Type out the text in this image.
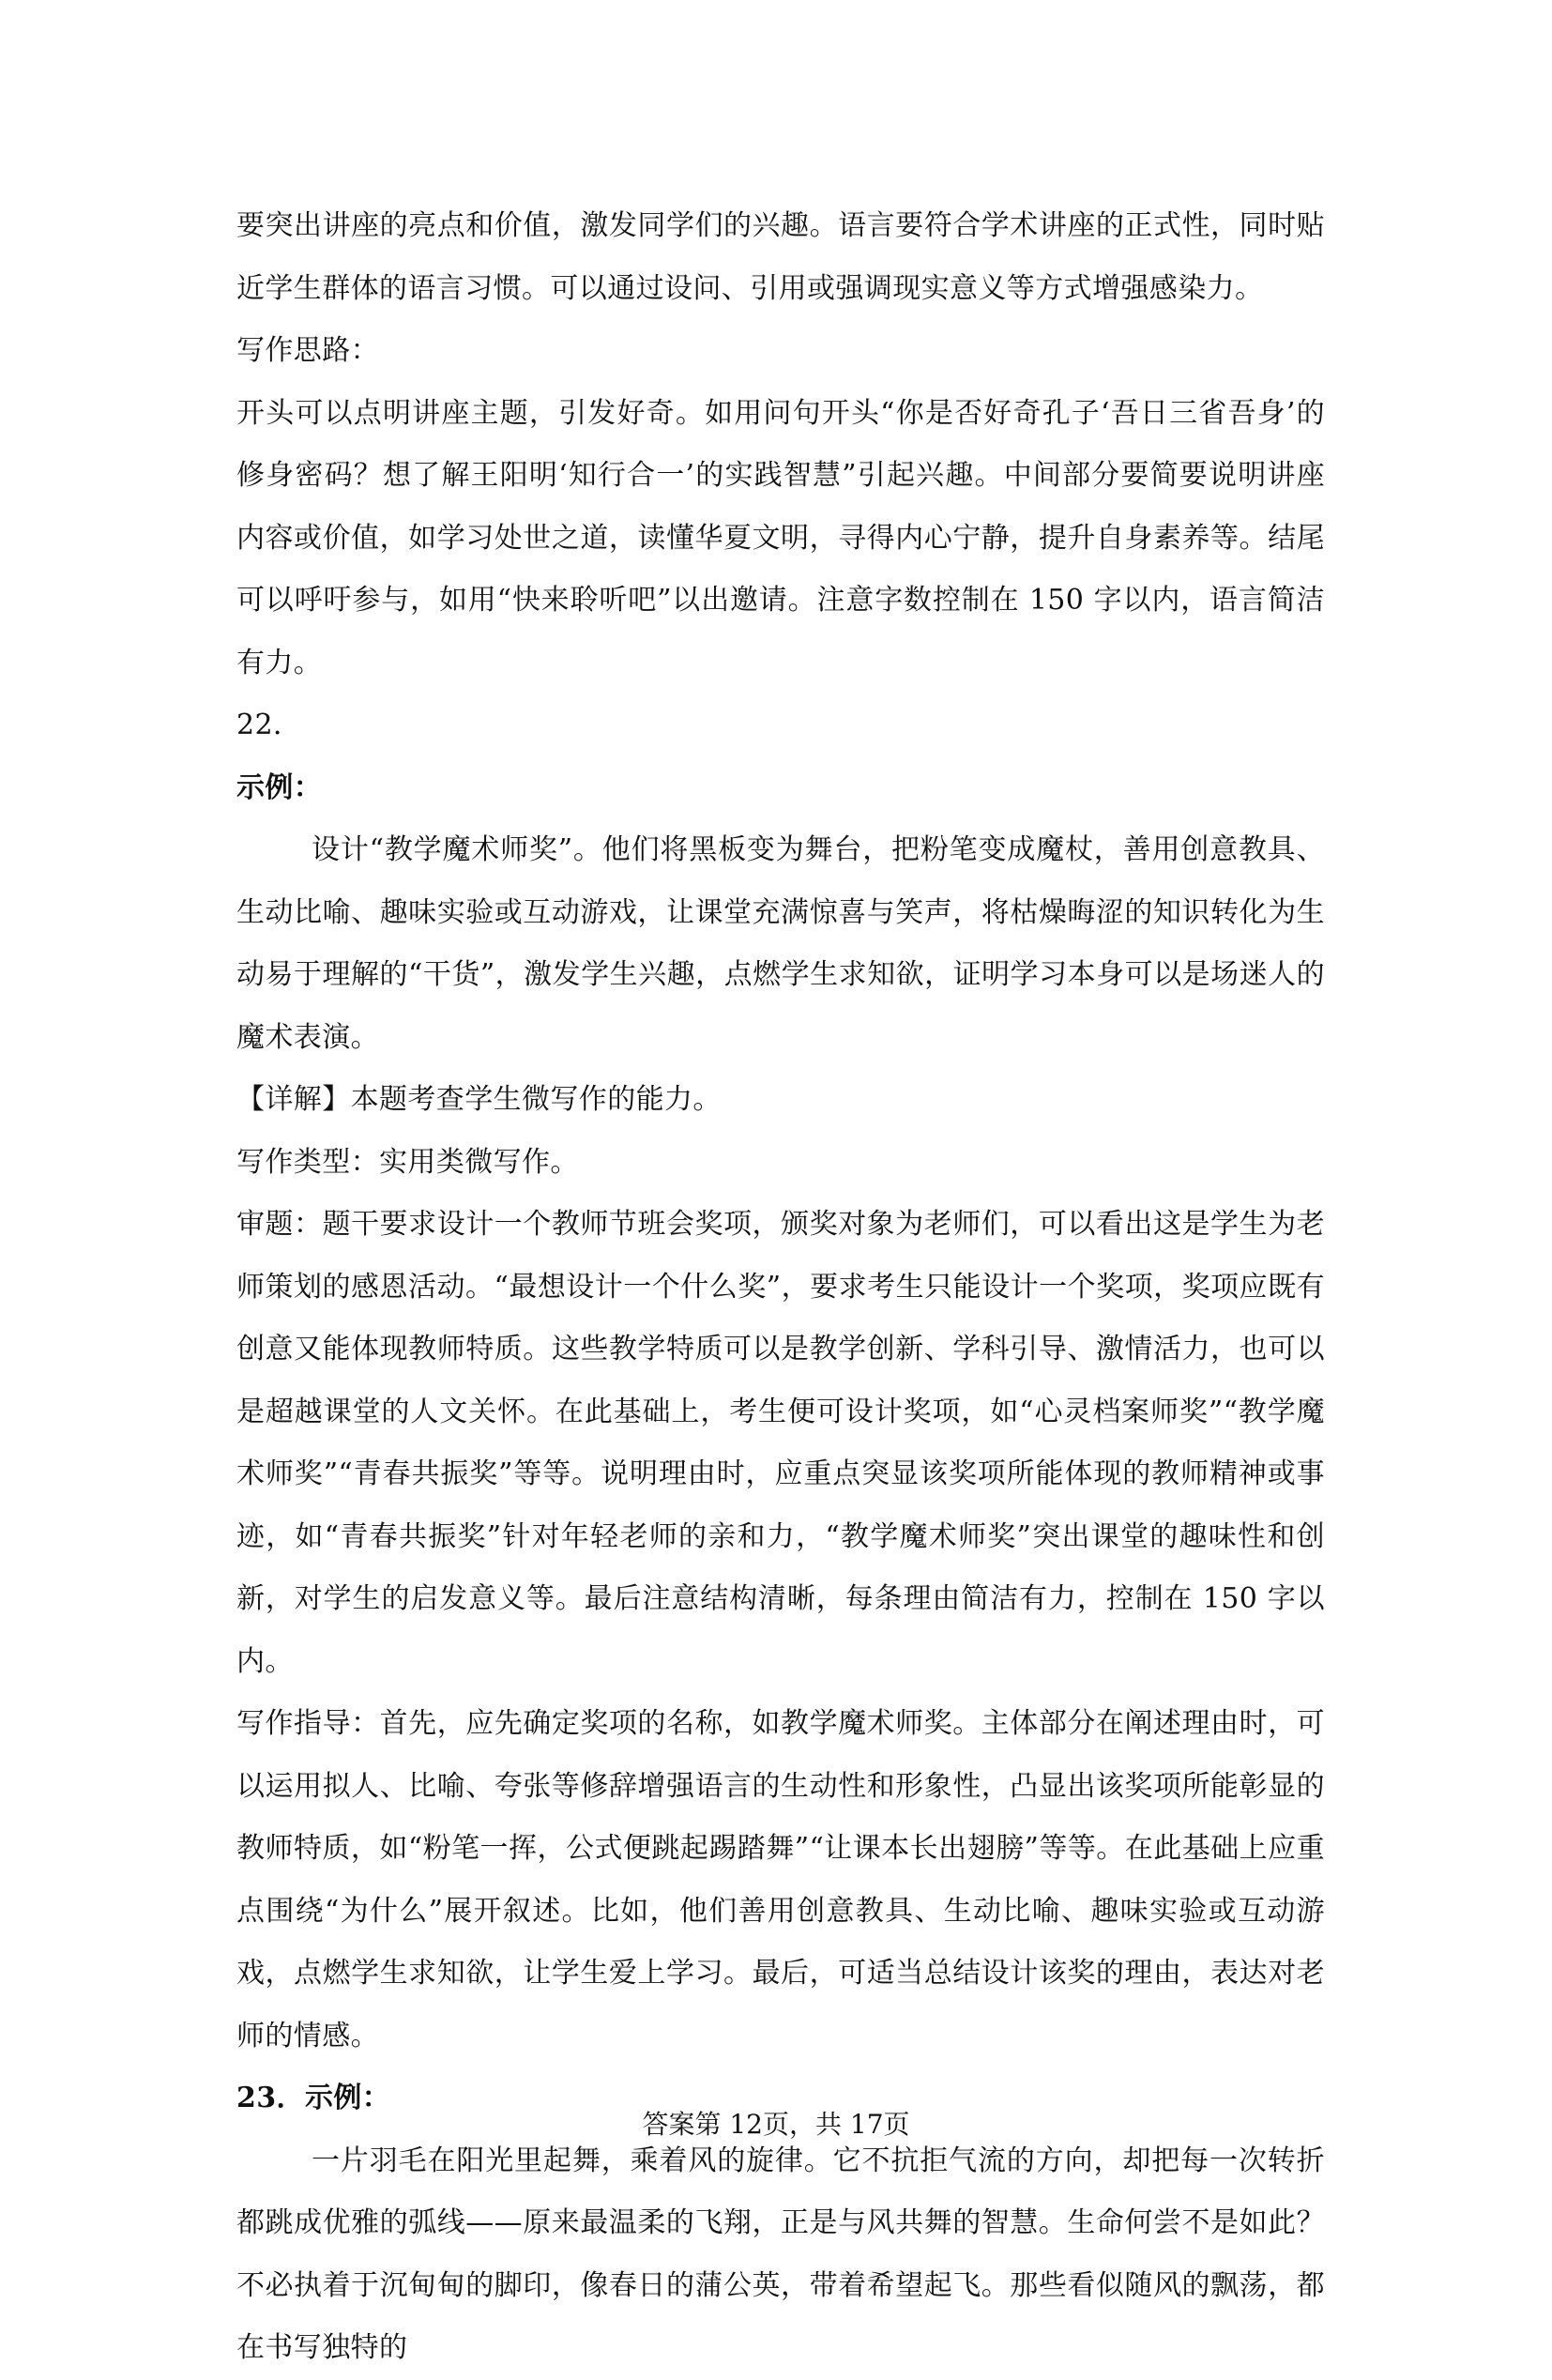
要突出讲座的亮点和价值，激发同学们的兴趣。语言要符合学术讲座的正式性，同时贴近学生群体的语言习惯。可以通过设问、引用或强调现实意义等方式增强感染力。

写作思路：

开头可以点明讲座主题，引发好奇。如用问句开头“你是否好奇孔子‘吾日三省吾身’的修身密码？想了解王阳明‘知行合一’的实践智慧”引起兴趣。中间部分要简要说明讲座内容或价值，如学习处世之道，读懂华夏文明，寻得内心宁静，提升自身素养等。结尾可以呼吁参与，如用“快来聆听吧”以出邀请。注意字数控制在 150 字以内，语言简洁有力。

22．

示例：

设计“教学魔术师奖”。他们将黑板变为舞台，把粉笔变成魔杖，善用创意教具、生动比喻、趣味实验或互动游戏，让课堂充满惊喜与笑声，将枯燥晦涩的知识转化为生动易于理解的“干货”，激发学生兴趣，点燃学生求知欲，证明学习本身可以是场迷人的魔术表演。

【详解】本题考查学生微写作的能力。

写作类型：实用类微写作。

审题：题干要求设计一个教师节班会奖项，颁奖对象为老师们，可以看出这是学生为老师策划的感恩活动。“最想设计一个什么奖”，要求考生只能设计一个奖项，奖项应既有创意又能体现教师特质。这些教学特质可以是教学创新、学科引导、激情活力，也可以是超越课堂的人文关怀。在此基础上，考生便可设计奖项，如“心灵档案师奖”“教学魔术师奖”“青春共振奖”等等。说明理由时，应重点突显该奖项所能体现的教师精神或事迹，如“青春共振奖”针对年轻老师的亲和力，“教学魔术师奖”突出课堂的趣味性和创新，对学生的启发意义等。最后注意结构清晰，每条理由简洁有力，控制在 150 字以内。

写作指导：首先，应先确定奖项的名称，如教学魔术师奖。主体部分在阐述理由时，可以运用拟人、比喻、夸张等修辞增强语言的生动性和形象性，凸显出该奖项所能彰显的教师特质，如“粉笔一挥，公式便跳起踢踏舞”“让课本长出翅膀”等等。在此基础上应重点围绕“为什么”展开叙述。比如，他们善用创意教具、生动比喻、趣味实验或互动游戏，点燃学生求知欲，让学生爱上学习。最后，可适当总结设计该奖的理由，表达对老师的情感。

23．示例：

一片羽毛在阳光里起舞，乘着风的旋律。它不抗拒气流的方向，却把每一次转折都跳成优雅的弧线——原来最温柔的飞翔，正是与风共舞的智慧。生命何尝不是如此？不必执着于沉甸甸的脚印，像春日的蒲公英，带着希望起飞。那些看似随风的飘荡，都在书写独特的

答案第 12页，共 17页
